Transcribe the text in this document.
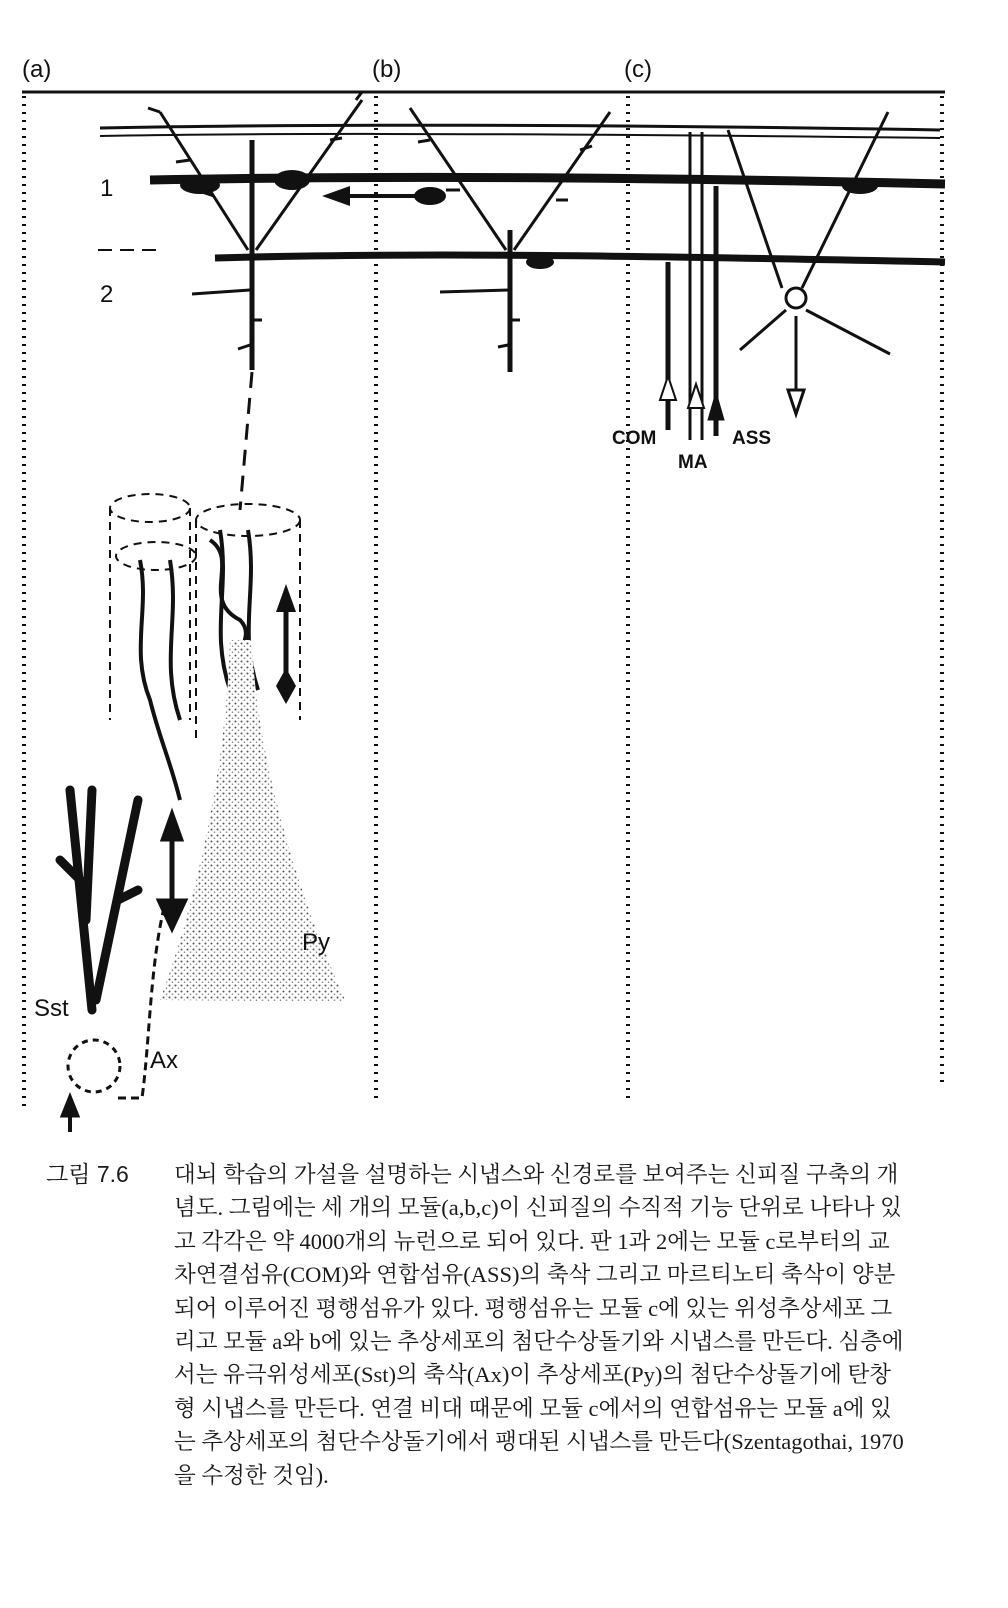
(a)	(b)	(c)
1
2
COM
MA
ASS
Py
Sst
Ax
그림 7.6 대뇌 학습의 가설을 설명하는 시냅스와 신경로를 보여주는 신피질 구축의 개념도. 그림에는 세 개의 모듈(a,b,c)이 신피질의 수직적 기능 단위로 나타나 있고 각각은 약 4000개의 뉴런으로 되어 있다. 판 1과 2에는 모듈 c로부터의 교차연결섬유(COM)와 연합섬유(ASS)의 축삭 그리고 마르티노티 축삭이 양분되어 이루어진 평행섬유가 있다. 평행섬유는 모듈 c에 있는 위성추상세포 그리고 모듈 a와 b에 있는 추상세포의 첨단수상돌기와 시냅스를 만든다. 심층에서는 유극위성세포(Sst)의 축삭(Ax)이 추상세포(Py)의 첨단수상돌기에 탄창형 시냅스를 만든다. 연결 비대 때문에 모듈 c에서의 연합섬유는 모듈 a에 있는 추상세포의 첨단수상돌기에서 팽대된 시냅스를 만든다(Szentagothai, 1970을 수정한 것임).
